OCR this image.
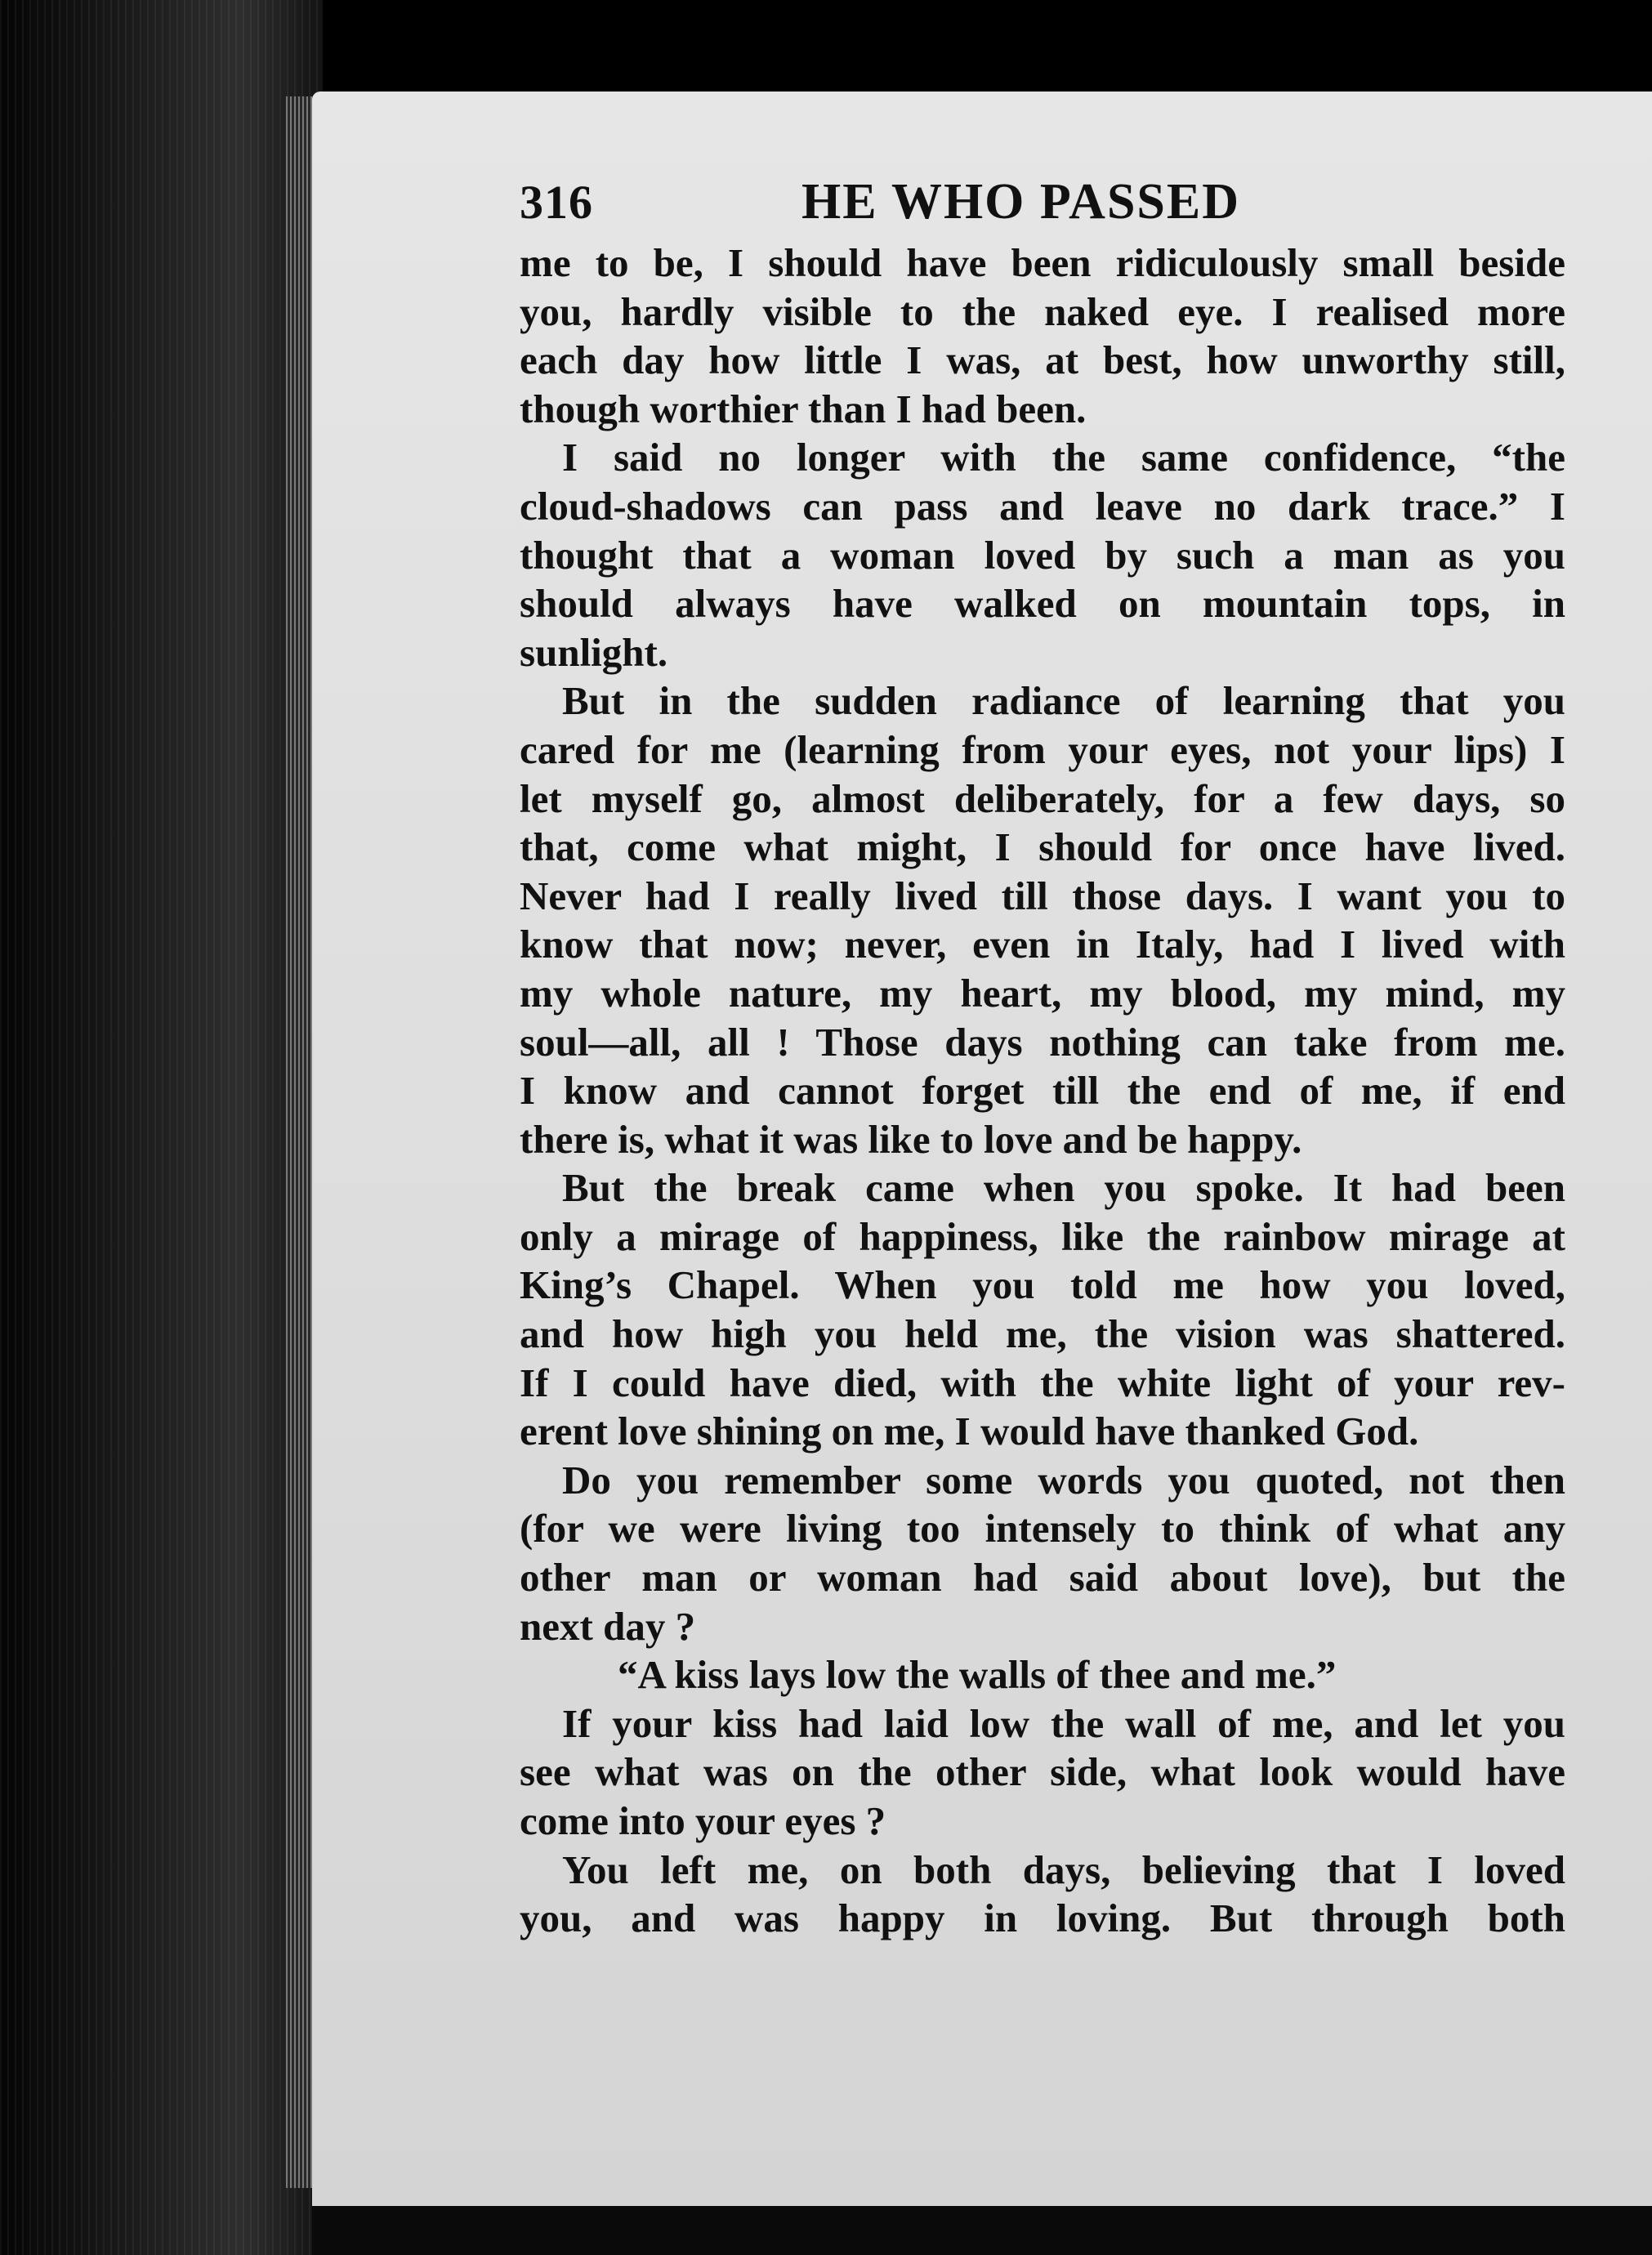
316	HE WHO PASSED
me to be, I should have been ridiculously small beside
you, hardly visible to the naked eye. I realised more
each day how little I was, at best, how unworthy still,
though worthier than I had been.
I said no longer with the same confidence, “the
cloud-shadows can pass and leave no dark trace.” I
thought that a woman loved by such a man as you
should always have walked on mountain tops, in
sunlight.
But in the sudden radiance of learning that you
cared for me (learning from your eyes, not your lips) I
let myself go, almost deliberately, for a few days, so
that, come what might, I should for once have lived.
Never had I really lived till those days. I want you to
know that now; never, even in Italy, had I lived with
my whole nature, my heart, my blood, my mind, my
soul—all, all ! Those days nothing can take from me.
I know and cannot forget till the end of me, if end
there is, what it was like to love and be happy.
But the break came when you spoke. It had been
only a mirage of happiness, like the rainbow mirage at
King’s Chapel. When you told me how you loved,
and how high you held me, the vision was shattered.
If I could have died, with the white light of your rev-
erent love shining on me, I would have thanked God.
Do you remember some words you quoted, not then
(for we were living too intensely to think of what any
other man or woman had said about love), but the
next day ?
“A kiss lays low the walls of thee and me.”
If your kiss had laid low the wall of me, and let you
see what was on the other side, what look would have
come into your eyes ?
You left me, on both days, believing that I loved
you, and was happy in loving. But through both
